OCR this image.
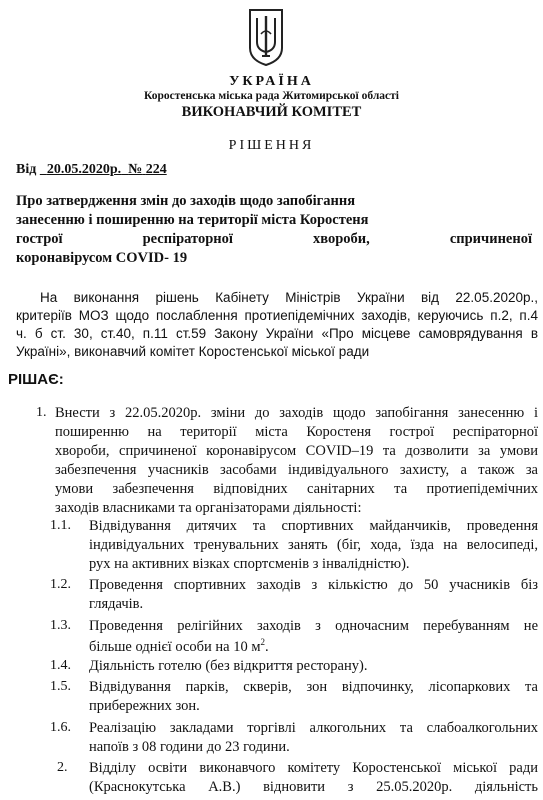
УКРАЇНА
Коростенська міська рада Житомирської області
ВИКОНАВЧИЙ КОМІТЕТ
РІШЕННЯ
Від 20.05.2020р. № 224
Про затвердження змін до заходів щодо запобігання
занесенню і поширенню на території міста Коростеня
гострої респіраторної хвороби, спричиненої
коронавірусом COVID- 19
На виконання рішень Кабінету Міністрів України від 22.05.2020р.,
критеріїв МОЗ щодо послаблення протиепідемічних заходів, керуючись п.2, п.4
ч. б ст. 30, ст.40, п.11 ст.59 Закону України «Про місцеве самоврядування в
Україні», виконавчий комітет Коростенської міської ради
РІШАЄ:
1. Внести з 22.05.2020р. зміни до заходів щодо запобігання занесенню і
поширенню на території міста Коростеня гострої респіраторної
хвороби, спричиненої коронавірусом COVID–19 та дозволити за умови
забезпечення учасників засобами індивідуального захисту, а також за
умови забезпечення відповідних санітарних та протиепідемічних
заходів власниками та організаторами діяльності:
1.1. Відвідування дитячих та спортивних майданчиків, проведення
індивідуальних тренувальних занять (біг, хода, їзда на велосипеді,
рух на активних візках спортсменів з інвалідністю).
1.2. Проведення спортивних заходів з кількістю до 50 учасників біз
глядачів.
1.3. Проведення релігійних заходів з одночасним перебуванням не
більше однієї особи на 10 $м^2$.
1.4. Діяльність готелю (без відкриття ресторану).
1.5. Відвідування парків, скверів, зон відпочинку, лісопаркових та
прибережних зон.
1.6. Реалізацію закладами торгівлі алкогольних та слабоалкогольних
напоїв з 08 години до 23 години.
2. Відділу освіти виконавчого комітету Коростенської міської ради
(Краснокутська А.В.) відновити з 25.05.2020р. діяльність
